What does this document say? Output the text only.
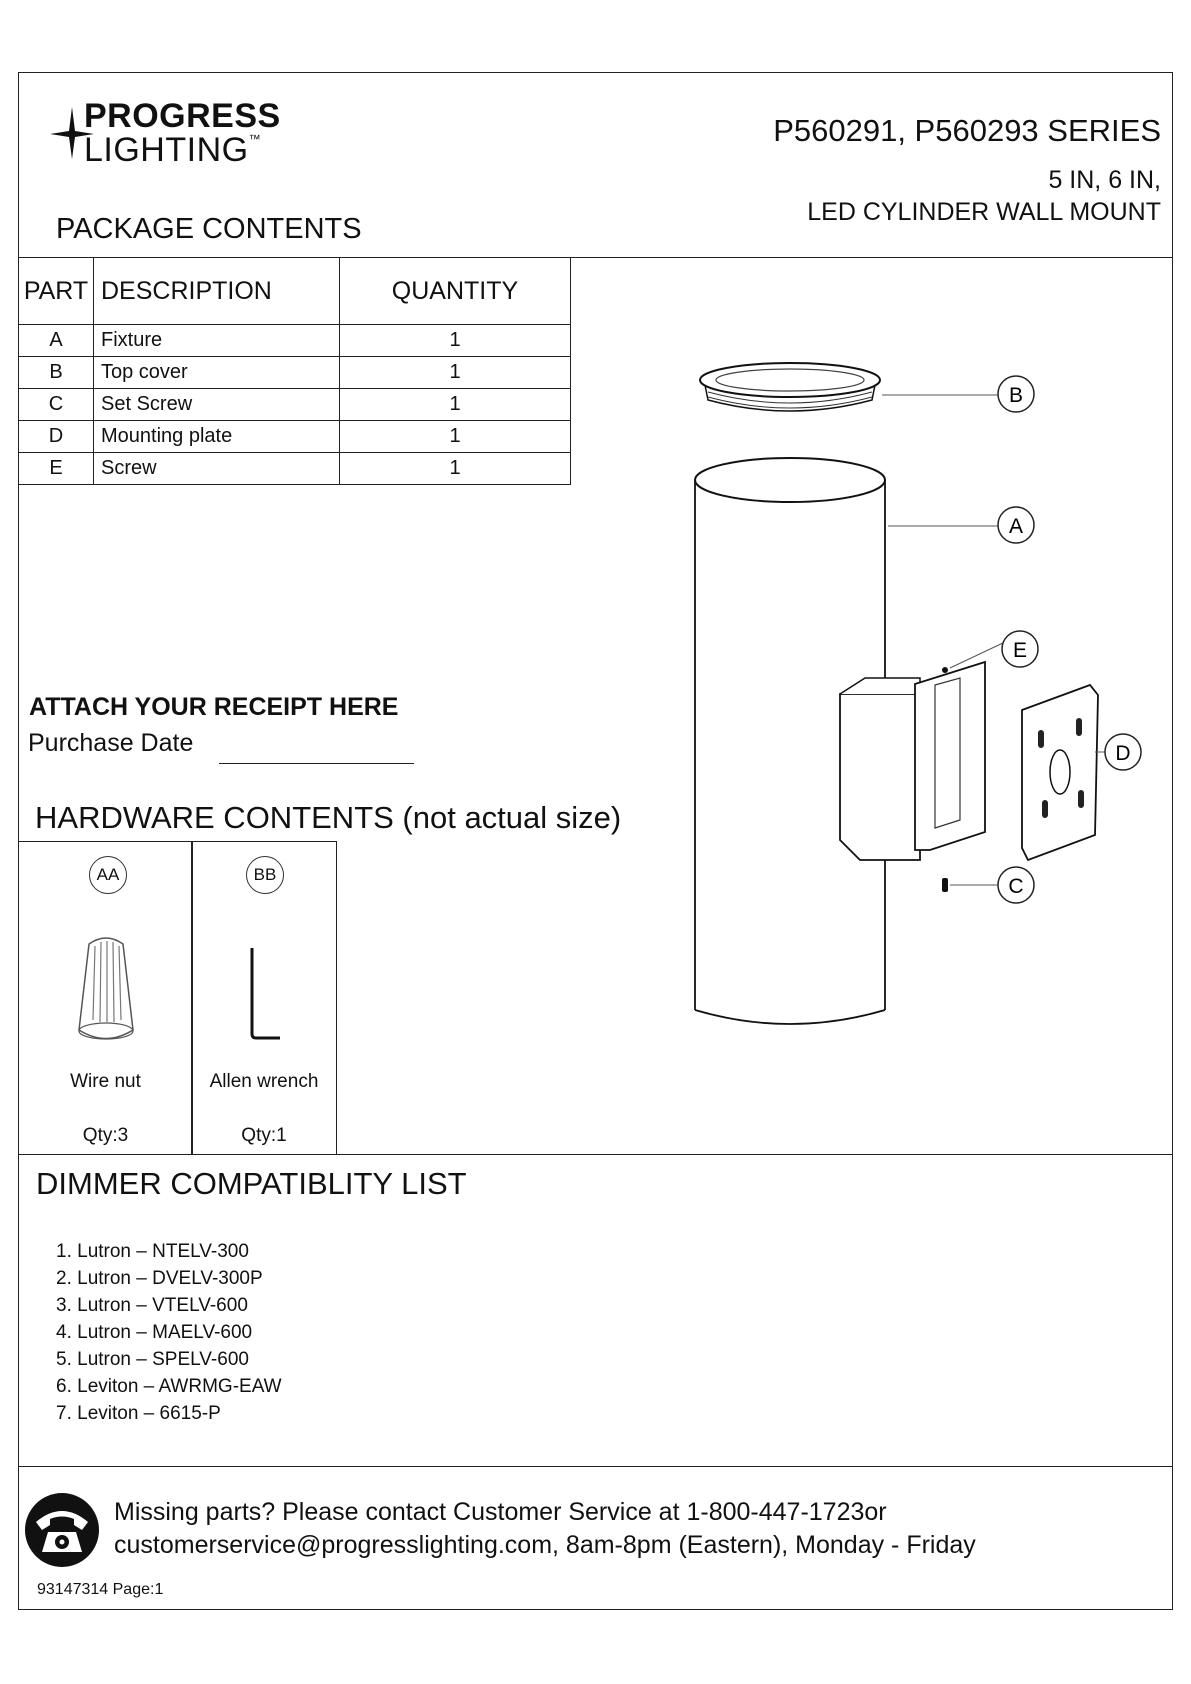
PROGRESS
LIGHTING™	P560291, P560293 SERIES
5 IN, 6 IN,
LED CYLINDER WALL MOUNT
PACKAGE CONTENTS
PART	DESCRIPTION	QUANTITY
A	Fixture	1
B	Top cover	1
C	Set Screw	1
D	Mounting plate	1
E	Screw	1
ATTACH YOUR RECEIPT HERE
Purchase Date
HARDWARE CONTENTS (not actual size)
AA
Wire nut
Qty:3
BB
Allen wrench
Qty:1
B
A
E
D
C
DIMMER COMPATIBLITY LIST
1. Lutron – NTELV-300
2. Lutron – DVELV-300P
3. Lutron – VTELV-600
4. Lutron – MAELV-600
5. Lutron – SPELV-600
6. Leviton – AWRMG-EAW
7. Leviton – 6615-P
Missing parts? Please contact Customer Service at 1-800-447-1723or
customerservice@progresslighting.com, 8am-8pm (Eastern), Monday - Friday
93147314 Page:1
